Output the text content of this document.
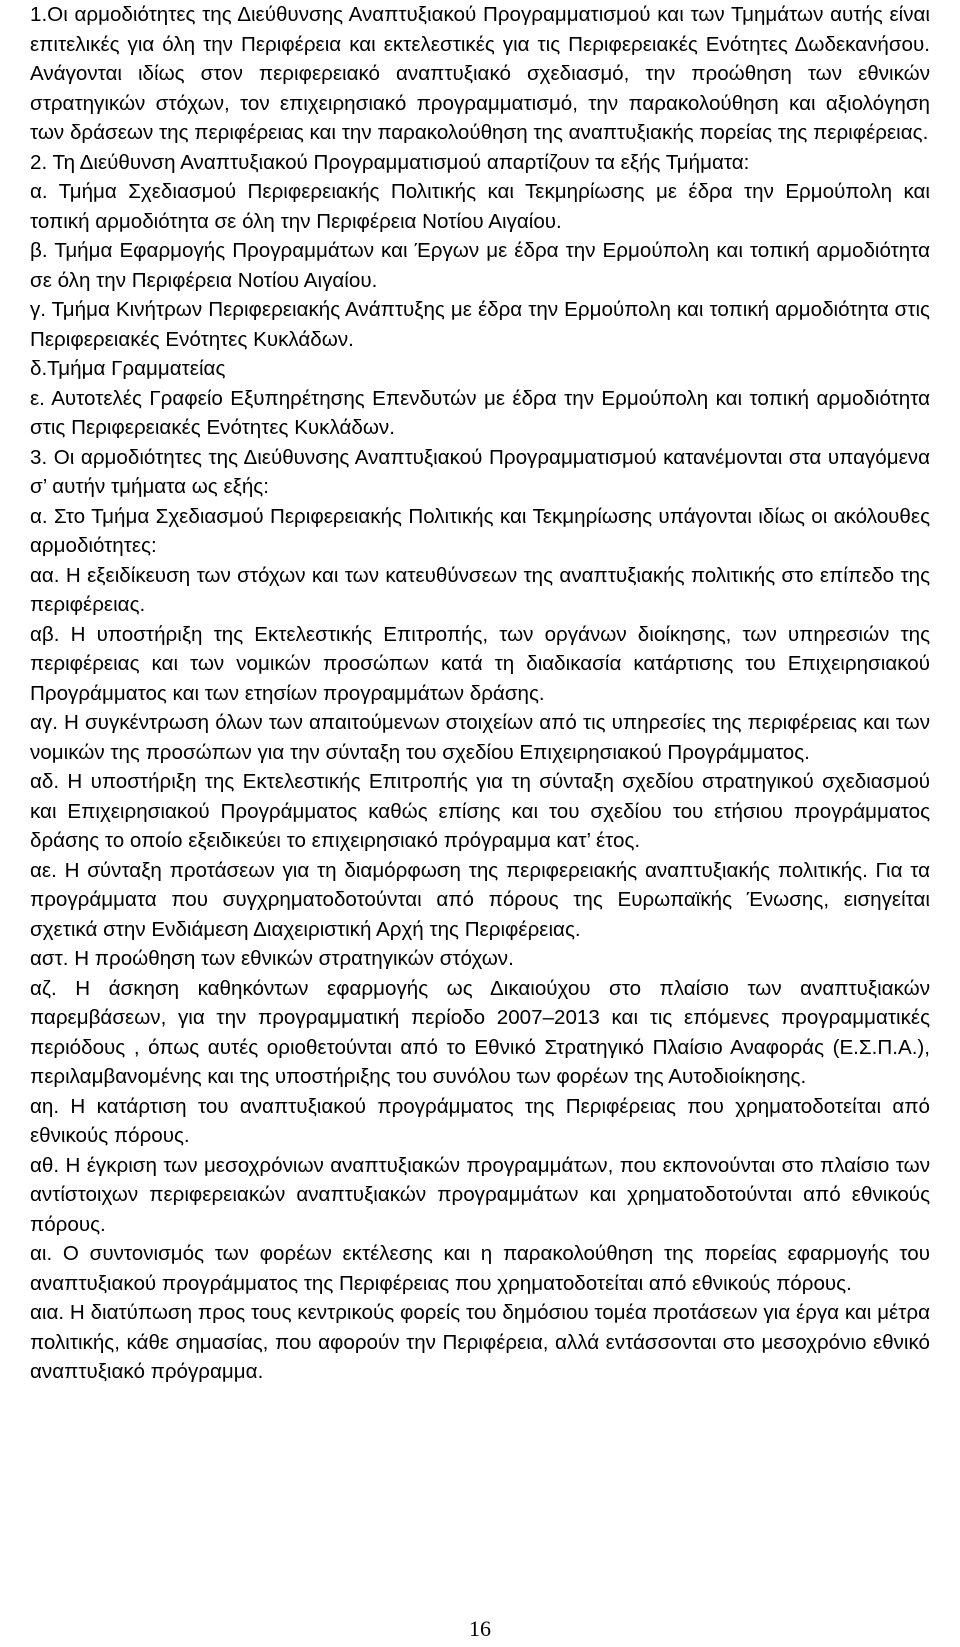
1.Οι αρμοδιότητες της Διεύθυνσης Αναπτυξιακού Προγραμματισμού και των Τμημάτων αυτής είναι επιτελικές για όλη την Περιφέρεια και εκτελεστικές για τις Περιφερειακές Ενότητες Δωδεκανήσου. Ανάγονται ιδίως στον περιφερειακό αναπτυξιακό σχεδιασμό, την προώθηση των εθνικών στρατηγικών στόχων, τον επιχειρησιακό προγραμματισμό, την παρακολούθηση και αξιολόγηση των δράσεων της περιφέρειας και την παρακολούθηση της αναπτυξιακής πορείας της περιφέρειας.

2. Τη Διεύθυνση Αναπτυξιακού Προγραμματισμού απαρτίζουν τα εξής Τμήματα:

α. Τμήμα Σχεδιασμού Περιφερειακής Πολιτικής και Τεκμηρίωσης με έδρα την Ερμούπολη και τοπική αρμοδιότητα σε όλη την Περιφέρεια Νοτίου Αιγαίου.

β. Τμήμα Εφαρμογής Προγραμμάτων και Έργων με έδρα την Ερμούπολη και τοπική αρμοδιότητα σε όλη την Περιφέρεια Νοτίου Αιγαίου.

γ. Τμήμα Κινήτρων Περιφερειακής Ανάπτυξης με έδρα την Ερμούπολη και τοπική αρμοδιότητα στις Περιφερειακές Ενότητες Κυκλάδων.

δ.Τμήμα Γραμματείας

ε. Αυτοτελές Γραφείο Εξυπηρέτησης Επενδυτών με έδρα την Ερμούπολη και τοπική αρμοδιότητα στις Περιφερειακές Ενότητες Κυκλάδων.

3. Οι αρμοδιότητες της Διεύθυνσης Αναπτυξιακού Προγραμματισμού κατανέμονται στα υπαγόμενα σ’ αυτήν τμήματα ως εξής:

α. Στο Τμήμα Σχεδιασμού Περιφερειακής Πολιτικής και Τεκμηρίωσης υπάγονται ιδίως οι ακόλουθες αρμοδιότητες:

αα. Η εξειδίκευση των στόχων και των κατευθύνσεων της αναπτυξιακής πολιτικής στο επίπεδο της περιφέρειας.

αβ. Η υποστήριξη της Εκτελεστικής Επιτροπής, των οργάνων διοίκησης, των υπηρεσιών της περιφέρειας και των νομικών προσώπων κατά τη διαδικασία κατάρτισης του Επιχειρησιακού Προγράμματος και των ετησίων προγραμμάτων δράσης.

αγ. Η συγκέντρωση όλων των απαιτούμενων στοιχείων από τις υπηρεσίες της περιφέρειας και των νομικών της προσώπων για την σύνταξη του σχεδίου Επιχειρησιακού Προγράμματος.

αδ. Η υποστήριξη της Εκτελεστικής Επιτροπής για τη σύνταξη σχεδίου στρατηγικού σχεδιασμού και Επιχειρησιακού Προγράμματος καθώς επίσης και του σχεδίου του ετήσιου προγράμματος δράσης το οποίο εξειδικεύει το επιχειρησιακό πρόγραμμα κατ’ έτος.

αε. Η σύνταξη προτάσεων για τη διαμόρφωση της περιφερειακής αναπτυξιακής πολιτικής. Για τα προγράμματα που συγχρηματοδοτούνται από πόρους της Ευρωπαϊκής Ένωσης, εισηγείται σχετικά στην Ενδιάμεση Διαχειριστική Αρχή της Περιφέρειας.

αστ. Η προώθηση των εθνικών στρατηγικών στόχων.

αζ. Η άσκηση καθηκόντων εφαρμογής ως Δικαιούχου στο πλαίσιο των αναπτυξιακών παρεμβάσεων, για την προγραμματική περίοδο 2007–2013 και τις επόμενες προγραμματικές περιόδους , όπως αυτές οριοθετούνται από το Εθνικό Στρατηγικό Πλαίσιο Αναφοράς (Ε.Σ.Π.Α.), περιλαμβανομένης και της υποστήριξης του συνόλου των φορέων της Αυτοδιοίκησης.

αη. Η κατάρτιση του αναπτυξιακού προγράμματος της Περιφέρειας που χρηματοδοτείται από εθνικούς πόρους.

αθ. Η έγκριση των μεσοχρόνιων αναπτυξιακών προγραμμάτων, που εκπονούνται στο πλαίσιο των αντίστοιχων περιφερειακών αναπτυξιακών προγραμμάτων και χρηματοδοτούνται από εθνικούς πόρους.

αι. Ο συντονισμός των φορέων εκτέλεσης και η παρακολούθηση της πορείας εφαρμογής του αναπτυξιακού προγράμματος της Περιφέρειας που χρηματοδοτείται από εθνικούς πόρους.

αια. Η διατύπωση προς τους κεντρικούς φορείς του δημόσιου τομέα προτάσεων για έργα και μέτρα πολιτικής, κάθε σημασίας, που αφορούν την Περιφέρεια, αλλά εντάσσονται στο μεσοχρόνιο εθνικό αναπτυξιακό πρόγραμμα.

16
